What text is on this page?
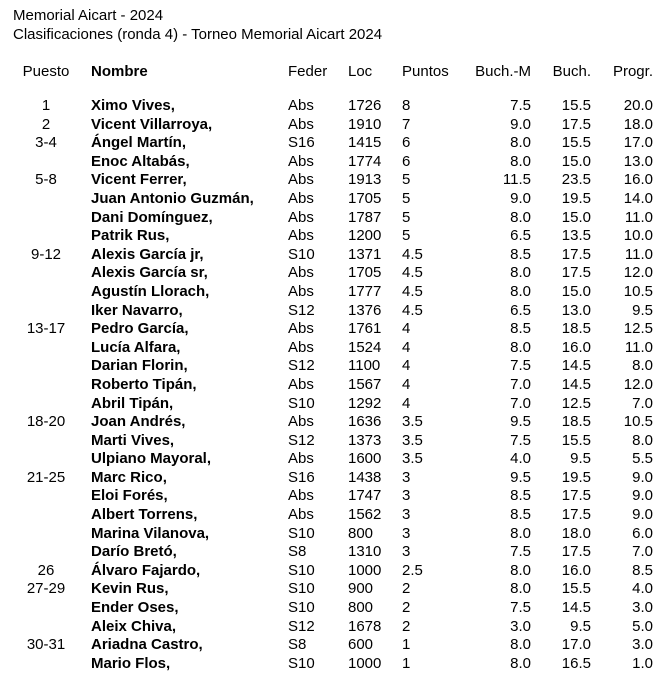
Memorial Aicart - 2024
Clasificaciones (ronda 4) - Torneo Memorial Aicart 2024
Puesto	Nombre	Feder Loc Puntos	Buch.-M	Buch.	Progr.
1	Ximo Vives,	Abs 1726 8	7.5	15.5	20.0
2	Vicent Villarroya,	Abs 1910 7	9.0	17.5	18.0
3-4	Ángel Martín,	S16 1415 6	8.0	15.5	17.0
Enoc Altabás,	Abs 1774 6	8.0	15.0	13.0
5-8	Vicent Ferrer,	Abs 1913 5	11.5	23.5	16.0
Juan Antonio Guzmán, Abs 1705 5	9.0	19.5	14.0
Dani Domínguez,	Abs 1787 5	8.0	15.0	11.0
Patrik Rus,	Abs 1200 5	6.5	13.5	10.0
9-12	Alexis García jr,	S10 1371 4.5	8.5	17.5	11.0
Alexis García sr,	Abs 1705 4.5	8.0	17.5	12.0
Agustín Llorach,	Abs 1777 4.5	8.0	15.0	10.5
Iker Navarro,	S12 1376 4.5	6.5	13.0	9.5
13-17	Pedro García,	Abs 1761 4	8.5	18.5	12.5
Lucía Alfara,	Abs 1524 4	8.0	16.0	11.0
Darian Florin,	S12 1100 4	7.5	14.5	8.0
Roberto Tipán,	Abs 1567 4	7.0	14.5	12.0
Abril Tipán,	S10 1292 4	7.0	12.5	7.0
18-20	Joan Andrés,	Abs 1636 3.5	9.5	18.5	10.5
Marti Vives,	S12 1373 3.5	7.5	15.5	8.0
Ulpiano Mayoral,	Abs 1600 3.5	4.0	9.5	5.5
21-25	Marc Rico,	S16 1438 3	9.5	19.5	9.0
Eloi Forés,	Abs 1747 3	8.5	17.5	9.0
Albert Torrens,	Abs 1562 3	8.5	17.5	9.0
Marina Vilanova,	S10 800 3	8.0	18.0	6.0
Darío Bretó,	S8	1310 3	7.5	17.5	7.0
26	Álvaro Fajardo,	S10 1000 2.5	8.0	16.0	8.5
27-29	Kevin Rus,	S10 900 2	8.0	15.5	4.0
Ender Oses,	S10 800 2	7.5	14.5	3.0
Aleix Chiva,	S12 1678 2	3.0	9.5	5.0
30-31	Ariadna Castro,	S8	600 1	8.0	17.0	3.0
Mario Flos,	S10 1000 1	8.0	16.5	1.0
